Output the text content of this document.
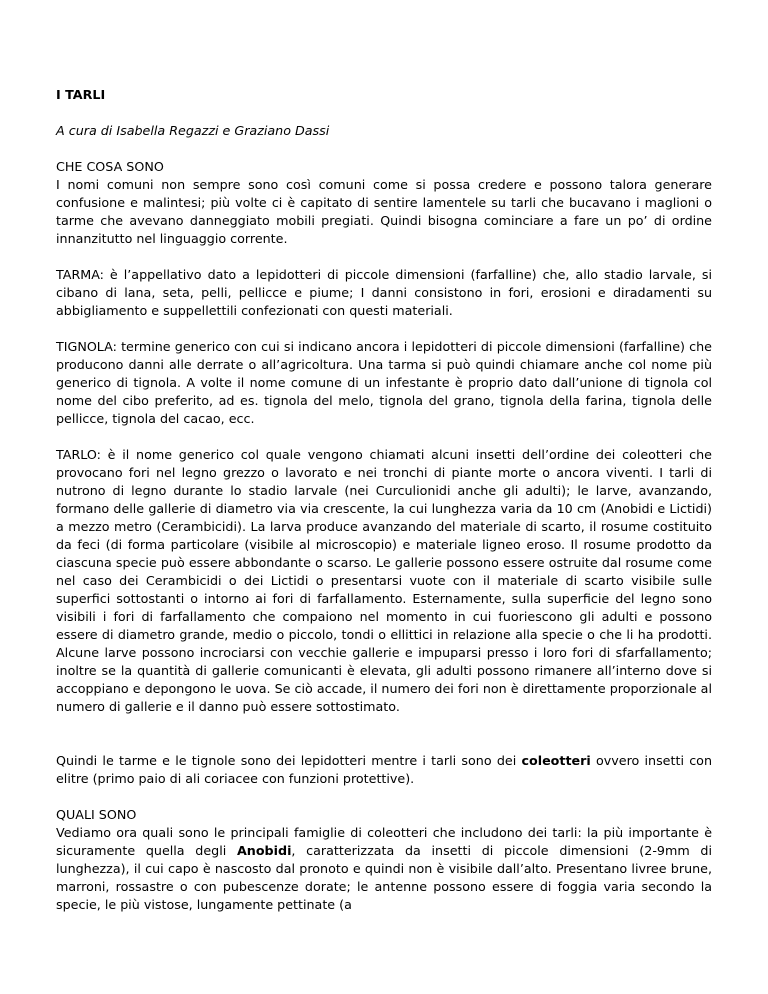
I TARLI
A cura di Isabella Regazzi e Graziano Dassi
CHE COSA SONO
I nomi comuni non sempre sono così comuni come si possa credere e possono talora generare confusione e malintesi; più volte ci è capitato di sentire lamentele su tarli che bucavano i maglioni o tarme che avevano danneggiato mobili pregiati. Quindi bisogna cominciare a fare un po’ di ordine innanzitutto nel linguaggio corrente.
TARMA: è l’appellativo dato a lepidotteri di piccole dimensioni (farfalline) che, allo stadio larvale, si cibano di lana, seta, pelli, pellicce e piume; I danni consistono in fori, erosioni e diradamenti su abbigliamento e suppellettili confezionati con questi materiali.
TIGNOLA: termine generico con cui si indicano ancora i lepidotteri di piccole dimensioni (farfalline) che producono danni alle derrate o all’agricoltura. Una tarma si può quindi chiamare anche col nome più generico di tignola. A volte il nome comune di un infestante è proprio dato dall’unione di tignola col nome del cibo preferito, ad es. tignola del melo, tignola del grano, tignola della farina, tignola delle pellicce, tignola del cacao, ecc.
TARLO: è il nome generico col quale vengono chiamati alcuni insetti dell’ordine dei coleotteri che provocano fori nel legno grezzo o lavorato e nei tronchi di piante morte o ancora viventi. I tarli di nutrono di legno durante lo stadio larvale (nei Curculionidi anche gli adulti); le larve, avanzando, formano delle gallerie di diametro via via crescente, la cui lunghezza varia da 10 cm (Anobidi e Lictidi) a mezzo metro (Cerambicidi). La larva produce avanzando del materiale di scarto, il rosume costituito da feci (di forma particolare (visibile al microscopio) e materiale ligneo eroso. Il rosume prodotto da ciascuna specie può essere abbondante o scarso. Le gallerie possono essere ostruite dal rosume come nel caso dei Cerambicidi o dei Lictidi o presentarsi vuote con il materiale di scarto visibile sulle superfici sottostanti o intorno ai fori di farfallamento. Esternamente, sulla superficie del legno sono visibili i fori di farfallamento che compaiono nel momento in cui fuoriescono gli adulti e possono essere di diametro grande, medio o piccolo, tondi o ellittici in relazione alla specie o che li ha prodotti. Alcune larve possono incrociarsi con vecchie gallerie e impuparsi presso i loro fori di sfarfallamento; inoltre se la quantità di gallerie comunicanti è elevata, gli adulti possono rimanere all’interno dove si accoppiano e depongono le uova. Se ciò accade, il numero dei fori non è direttamente proporzionale al numero di gallerie e il danno può essere sottostimato.
Quindi le tarme e le tignole sono dei lepidotteri mentre i tarli sono dei coleotteri ovvero insetti con elitre (primo paio di ali coriacee con funzioni protettive).
QUALI SONO
Vediamo ora quali sono le principali famiglie di coleotteri che includono dei tarli: la più importante è sicuramente quella degli Anobidi, caratterizzata da insetti di piccole dimensioni (2-9mm di lunghezza), il cui capo è nascosto dal pronoto e quindi non è visibile dall’alto. Presentano livree brune, marroni, rossastre o con pubescenze dorate; le antenne possono essere di foggia varia secondo la specie, le più vistose, lungamente pettinate (a
